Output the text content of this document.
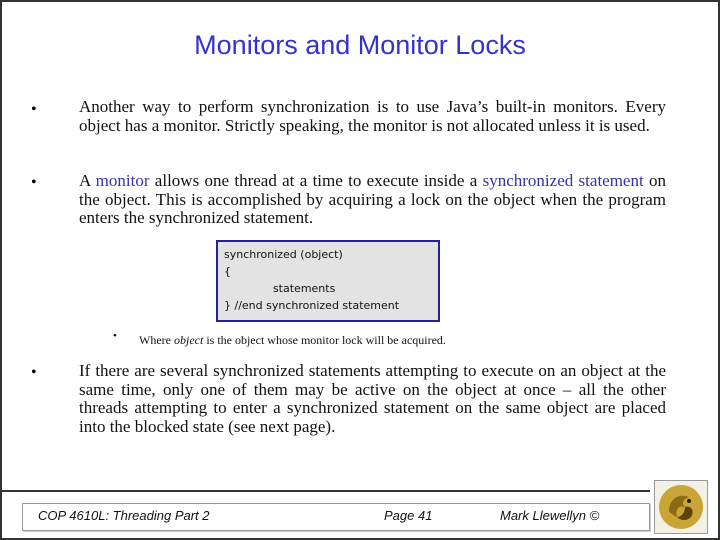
Monitors and Monitor Locks
• Another way to perform synchronization is to use Java’s built-in monitors. Every object has a monitor. Strictly speaking, the monitor is not allocated unless it is used.
• A monitor allows one thread at a time to execute inside a synchronized statement on the object. This is accomplished by acquiring a lock on the object when the program enters the synchronized statement.
synchronized (object)
{
statements
} //end synchronized statement
• Where object is the object whose monitor lock will be acquired.
• If there are several synchronized statements attempting to execute on an object at the same time, only one of them may be active on the object at once – all the other threads attempting to enter a synchronized statement on the same object are placed into the blocked state (see next page).
COP 4610L: Threading Part 2	Page 41	Mark Llewellyn ©
